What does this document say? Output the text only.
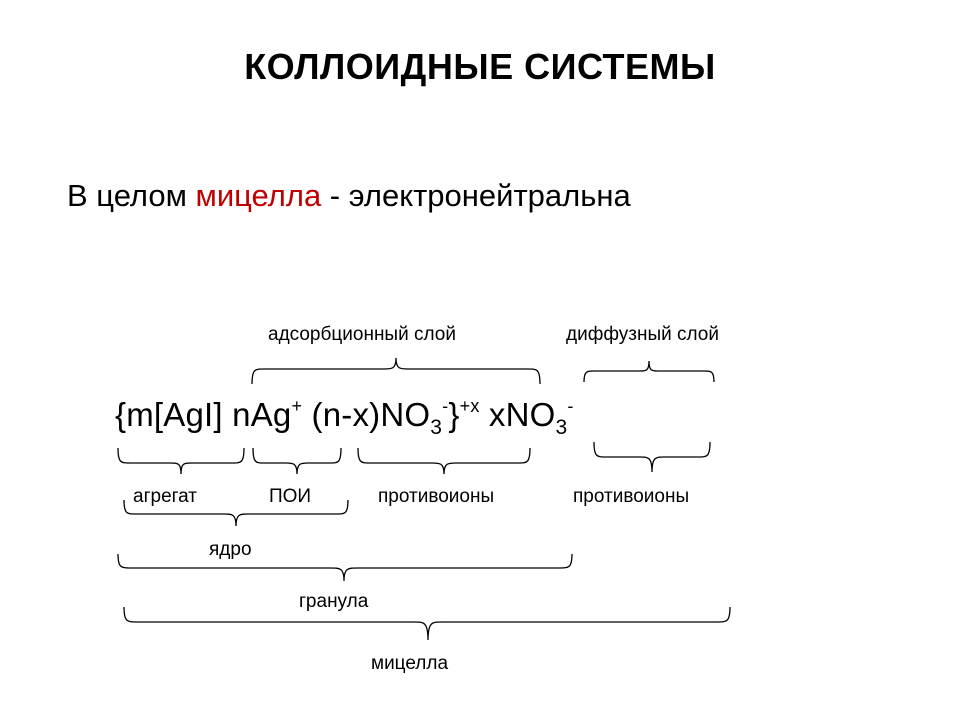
КОЛЛОИДНЫЕ СИСТЕМЫ
В целом мицелла - электронейтральна
адсорбционный слой	диффузный слой
{m[AgI] nAg+ $(n-x)NO_3^-\}^{+x}$ xNO$_3$-
агрегат	ПОИ	противоионы	противоионы
ядро
гранула
мицелла
